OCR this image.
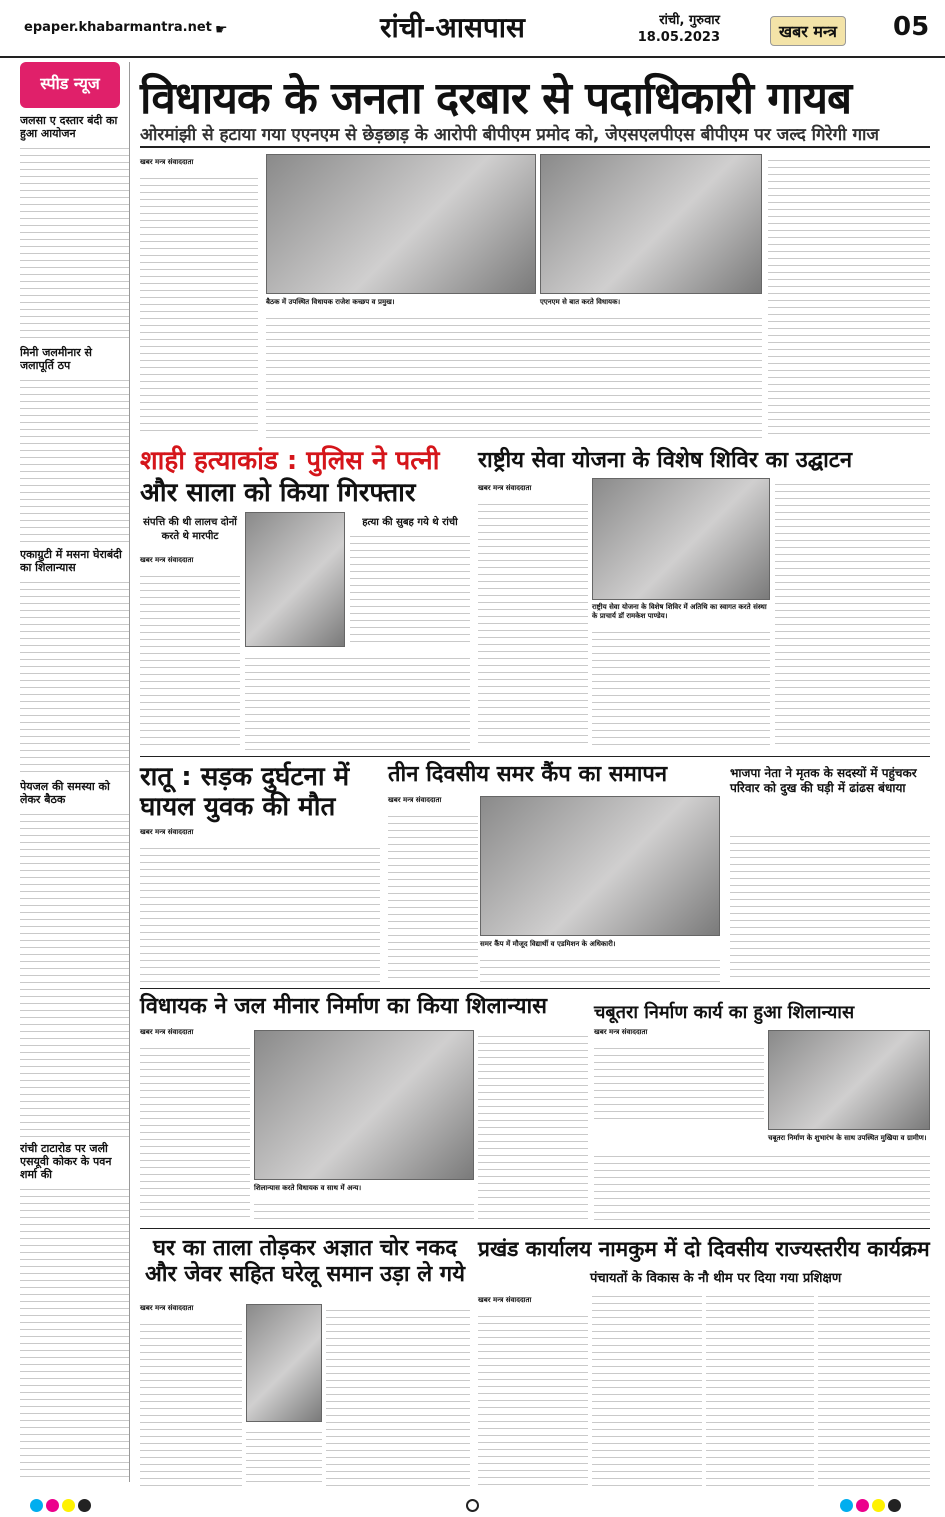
epaper.khabarmantra.net ☛	रांची-आसपास	रांची, गुरुवार
18.05.2023	खबर मन्त्र	05
स्पीड न्यूज
जलसा ए दस्तार बंदी का हुआ आयोजन
मिनी जलमीनार से जलापूर्ति ठप
एकाग्रुटी में मसना घेराबंदी का शिलान्यास
पेयजल की समस्या को लेकर बैठक
रांची टाटारोड पर जली एसयूवी कोकर के पवन शर्मा की
विधायक के जनता दरबार से पदाधिकारी गायब
ओरमांझी से हटाया गया एएनएम से छेड़छाड़ के आरोपी बीपीएम प्रमोद को, जेएसएलपीएस बीपीएम पर जल्द गिरेगी गाज
खबर मन्त्र संवाददाता
बैठक में उपस्थित विधायक राजेश कच्छप व प्रमुख।	एएनएम से बात करते विधायक।
शाही हत्याकांड : पुलिस ने पत्नी
और साला को किया गिरफ्तार
संपत्ति की थी लालच दोनों करते थे मारपीट
हत्या की सुबह गये थे रांची
खबर मन्त्र संवाददाता
राष्ट्रीय सेवा योजना के विशेष शिविर का उद्घाटन
खबर मन्त्र संवाददाता
राष्ट्रीय सेवा योजना के विशेष शिविर में अतिथि का स्वागत करते संस्था के प्राचार्य डॉ रामकेश पाण्डेय।
रातू : सड़क दुर्घटना में घायल युवक की मौत
खबर मन्त्र संवाददाता
तीन दिवसीय समर कैंप का समापन
खबर मन्त्र संवाददाता
समर कैंप में मौजूद विद्यार्थी व एडमिशन के अधिकारी।
भाजपा नेता ने मृतक के सदस्यों में पहुंचकर परिवार को दुख की घड़ी में ढांढस बंधाया
विधायक ने जल मीनार निर्माण का किया शिलान्यास
खबर मन्त्र संवाददाता
शिलान्यास करते विधायक व साथ में अन्य।
चबूतरा निर्माण कार्य का हुआ शिलान्यास
खबर मन्त्र संवाददाता
चबूतरा निर्माण के शुभारंभ के साथ उपस्थित मुखिया व ग्रामीण।
घर का ताला तोड़कर अज्ञात चोर नकद और जेवर सहित घरेलू समान उड़ा ले गये
खबर मन्त्र संवाददाता
प्रखंड कार्यालय नामकुम में दो दिवसीय राज्यस्तरीय कार्यक्रम
पंचायतों के विकास के नौ थीम पर दिया गया प्रशिक्षण
खबर मन्त्र संवाददाता
